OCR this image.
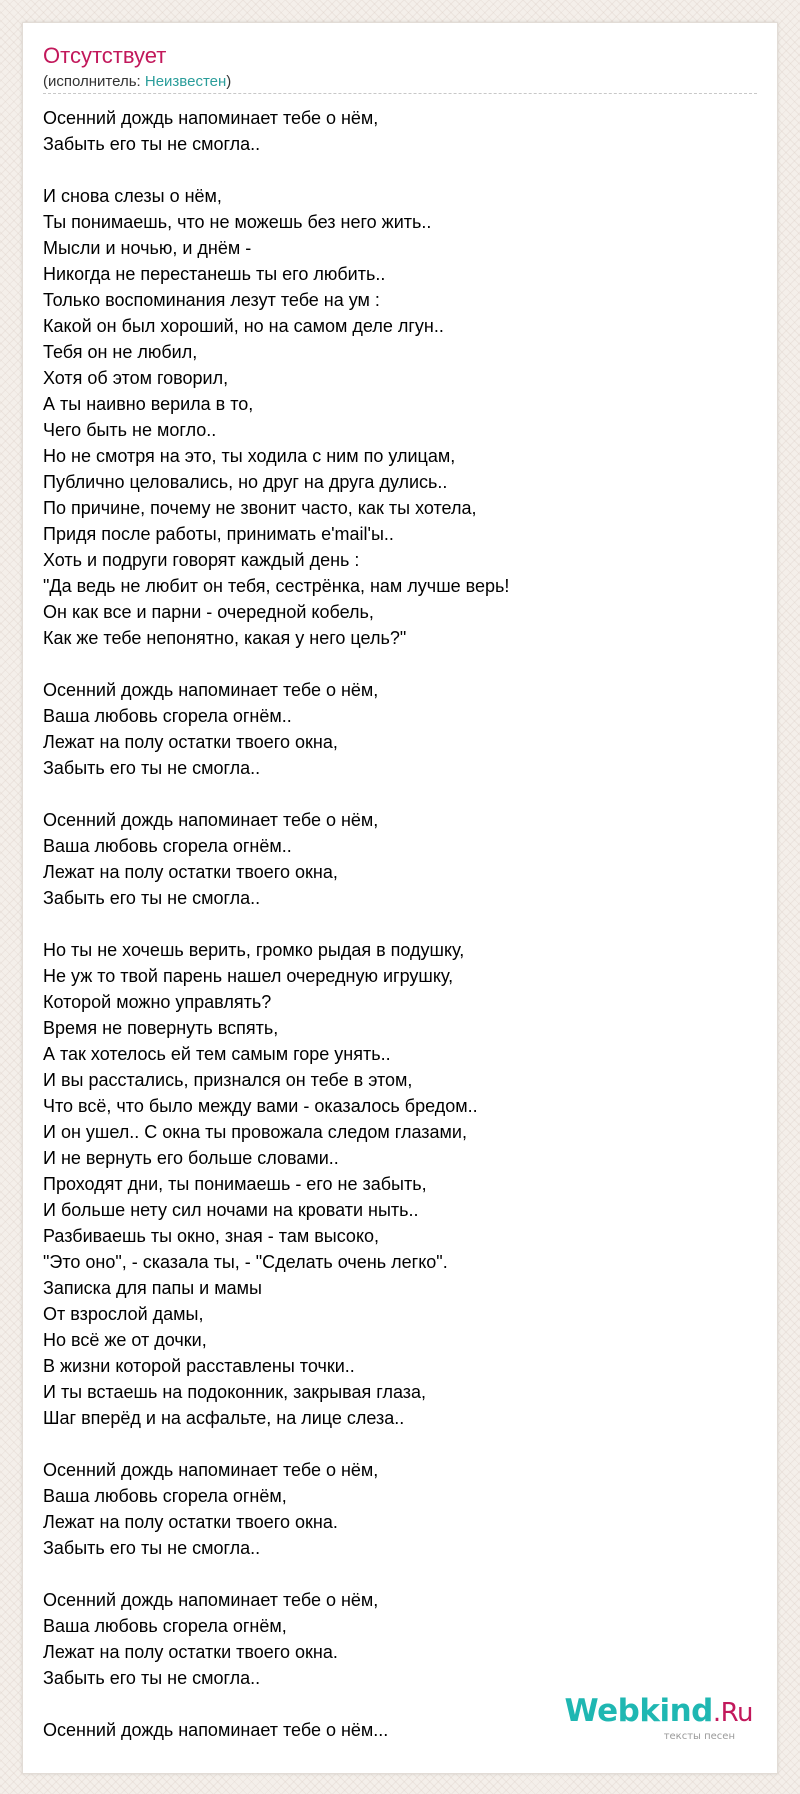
Отсутствует
(исполнитель: Неизвестен)
Осенний дождь напоминает тебе о нём,
Забыть его ты не смогла..
И снова слезы о нём,
Ты понимаешь, что не можешь без него жить..
Мысли и ночью, и днём -
Никогда не перестанешь ты его любить..
Только воспоминания лезут тебе на ум :
Какой он был хороший, но на самом деле лгун..
Тебя он не любил,
Хотя об этом говорил,
А ты наивно верила в то,
Чего быть не могло..
Но не смотря на это, ты ходила с ним по улицам,
Публично целовались, но друг на друга дулись..
По причине, почему не звонит часто, как ты хотела,
Придя после работы, принимать e'mail'ы..
Хоть и подруги говорят каждый день :
"Да ведь не любит он тебя, сестрёнка, нам лучше верь!
Он как все и парни - очередной кобель,
Как же тебе непонятно, какая у него цель?"
Осенний дождь напоминает тебе о нём,
Ваша любовь сгорела огнём..
Лежат на полу остатки твоего окна,
Забыть его ты не смогла..
Осенний дождь напоминает тебе о нём,
Ваша любовь сгорела огнём..
Лежат на полу остатки твоего окна,
Забыть его ты не смогла..
Но ты не хочешь верить, громко рыдая в подушку,
Не уж то твой парень нашел очередную игрушку,
Которой можно управлять?
Время не повернуть вспять,
А так хотелось ей тем самым горе унять..
И вы расстались, признался он тебе в этом,
Что всё, что было между вами - оказалось бредом..
И он ушел.. С окна ты провожала следом глазами,
И не вернуть его больше словами..
Проходят дни, ты понимаешь - его не забыть,
И больше нету сил ночами на кровати ныть..
Разбиваешь ты окно, зная - там высоко,
"Это оно", - сказала ты, - "Сделать очень легко".
Записка для папы и мамы
От взрослой дамы,
Но всё же от дочки,
В жизни которой расставлены точки..
И ты встаешь на подоконник, закрывая глаза,
Шаг вперёд и на асфальте, на лице слеза..
Осенний дождь напоминает тебе о нём,
Ваша любовь сгорела огнём,
Лежат на полу остатки твоего окна.
Забыть его ты не смогла..
Осенний дождь напоминает тебе о нём,
Ваша любовь сгорела огнём,
Лежат на полу остатки твоего окна.
Забыть его ты не смогла..
Осенний дождь напоминает тебе о нём...
Webkind.Ru
тексты песен
